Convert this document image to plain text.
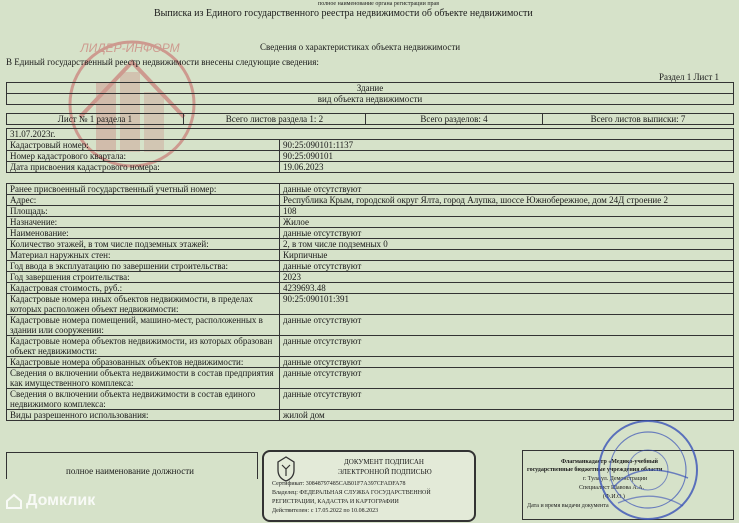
ЛИДЕР-ИНФОРМ
полное наименование органа регистрации прав
Выписка из Единого государственного реестра недвижимости об объекте недвижимости
Сведения о характеристиках объекта недвижимости
В Единый государственный реестр недвижимости внесены следующие сведения:
Раздел 1 Лист 1
Здание
вид объекта недвижимости
Лист № 1 раздела 1	Всего листов раздела 1: 2	Всего разделов: 4	Всего листов выписки: 7
31.07.2023г.	
Кадастровый номер:	90:25:090101:1137
Номер кадастрового квартала:	90:25:090101
Дата присвоения кадастрового номера:	19.06.2023
Ранее присвоенный государственный учетный номер:	данные отсутствуют
Адрес:	Республика Крым, городской округ Ялта, город Алупка, шоссе Южнобережное, дом 24Д строение 2
Площадь:	108
Назначение:	Жилое
Наименование:	данные отсутствуют
Количество этажей, в том числе подземных этажей:	2, в том числе подземных 0
Материал наружных стен:	Кирпичные
Год ввода в эксплуатацию по завершении строительства:	данные отсутствуют
Год завершения строительства:	2023
Кадастровая стоимость, руб.:	4239693.48
Кадастровые номера иных объектов недвижимости, в пределах которых расположен объект недвижимости:	90:25:090101:391
Кадастровые номера помещений, машино-мест, расположенных в здании или сооружении:	данные отсутствуют
Кадастровые номера объектов недвижимости, из которых образован объект недвижимости:	данные отсутствуют
Кадастровые номера образованных объектов недвижимости:	данные отсутствуют
Сведения о включении объекта недвижимости в состав предприятия как имущественного комплекса:	данные отсутствуют
Сведения о включении объекта недвижимости в состав единого недвижимого комплекса:	данные отсутствуют
Виды разрешенного использования:	жилой дом
полное наименование должности
ДОКУМЕНТ ПОДПИСАН
ЭЛЕКТРОННОЙ ПОДПИСЬЮ
Сертификат: 30848797485CAB01F7A397CFADFA78
Владелец: ФЕДЕРАЛЬНАЯ СЛУЖБА ГОСУДАРСТВЕННОЙ
РЕГИСТРАЦИИ, КАДАСТРА И КАРТОГРАФИИ
Действителен: с 17.05.2022 по 10.08.2023
Флагманкадастр «Медико-учебный
государственные бюджетные учреждения области
г. Тула ул. Демонстрации
Специалист Шавова А.А.
(Ф.И.О.)
Дата и время выдачи документа
Домклик
